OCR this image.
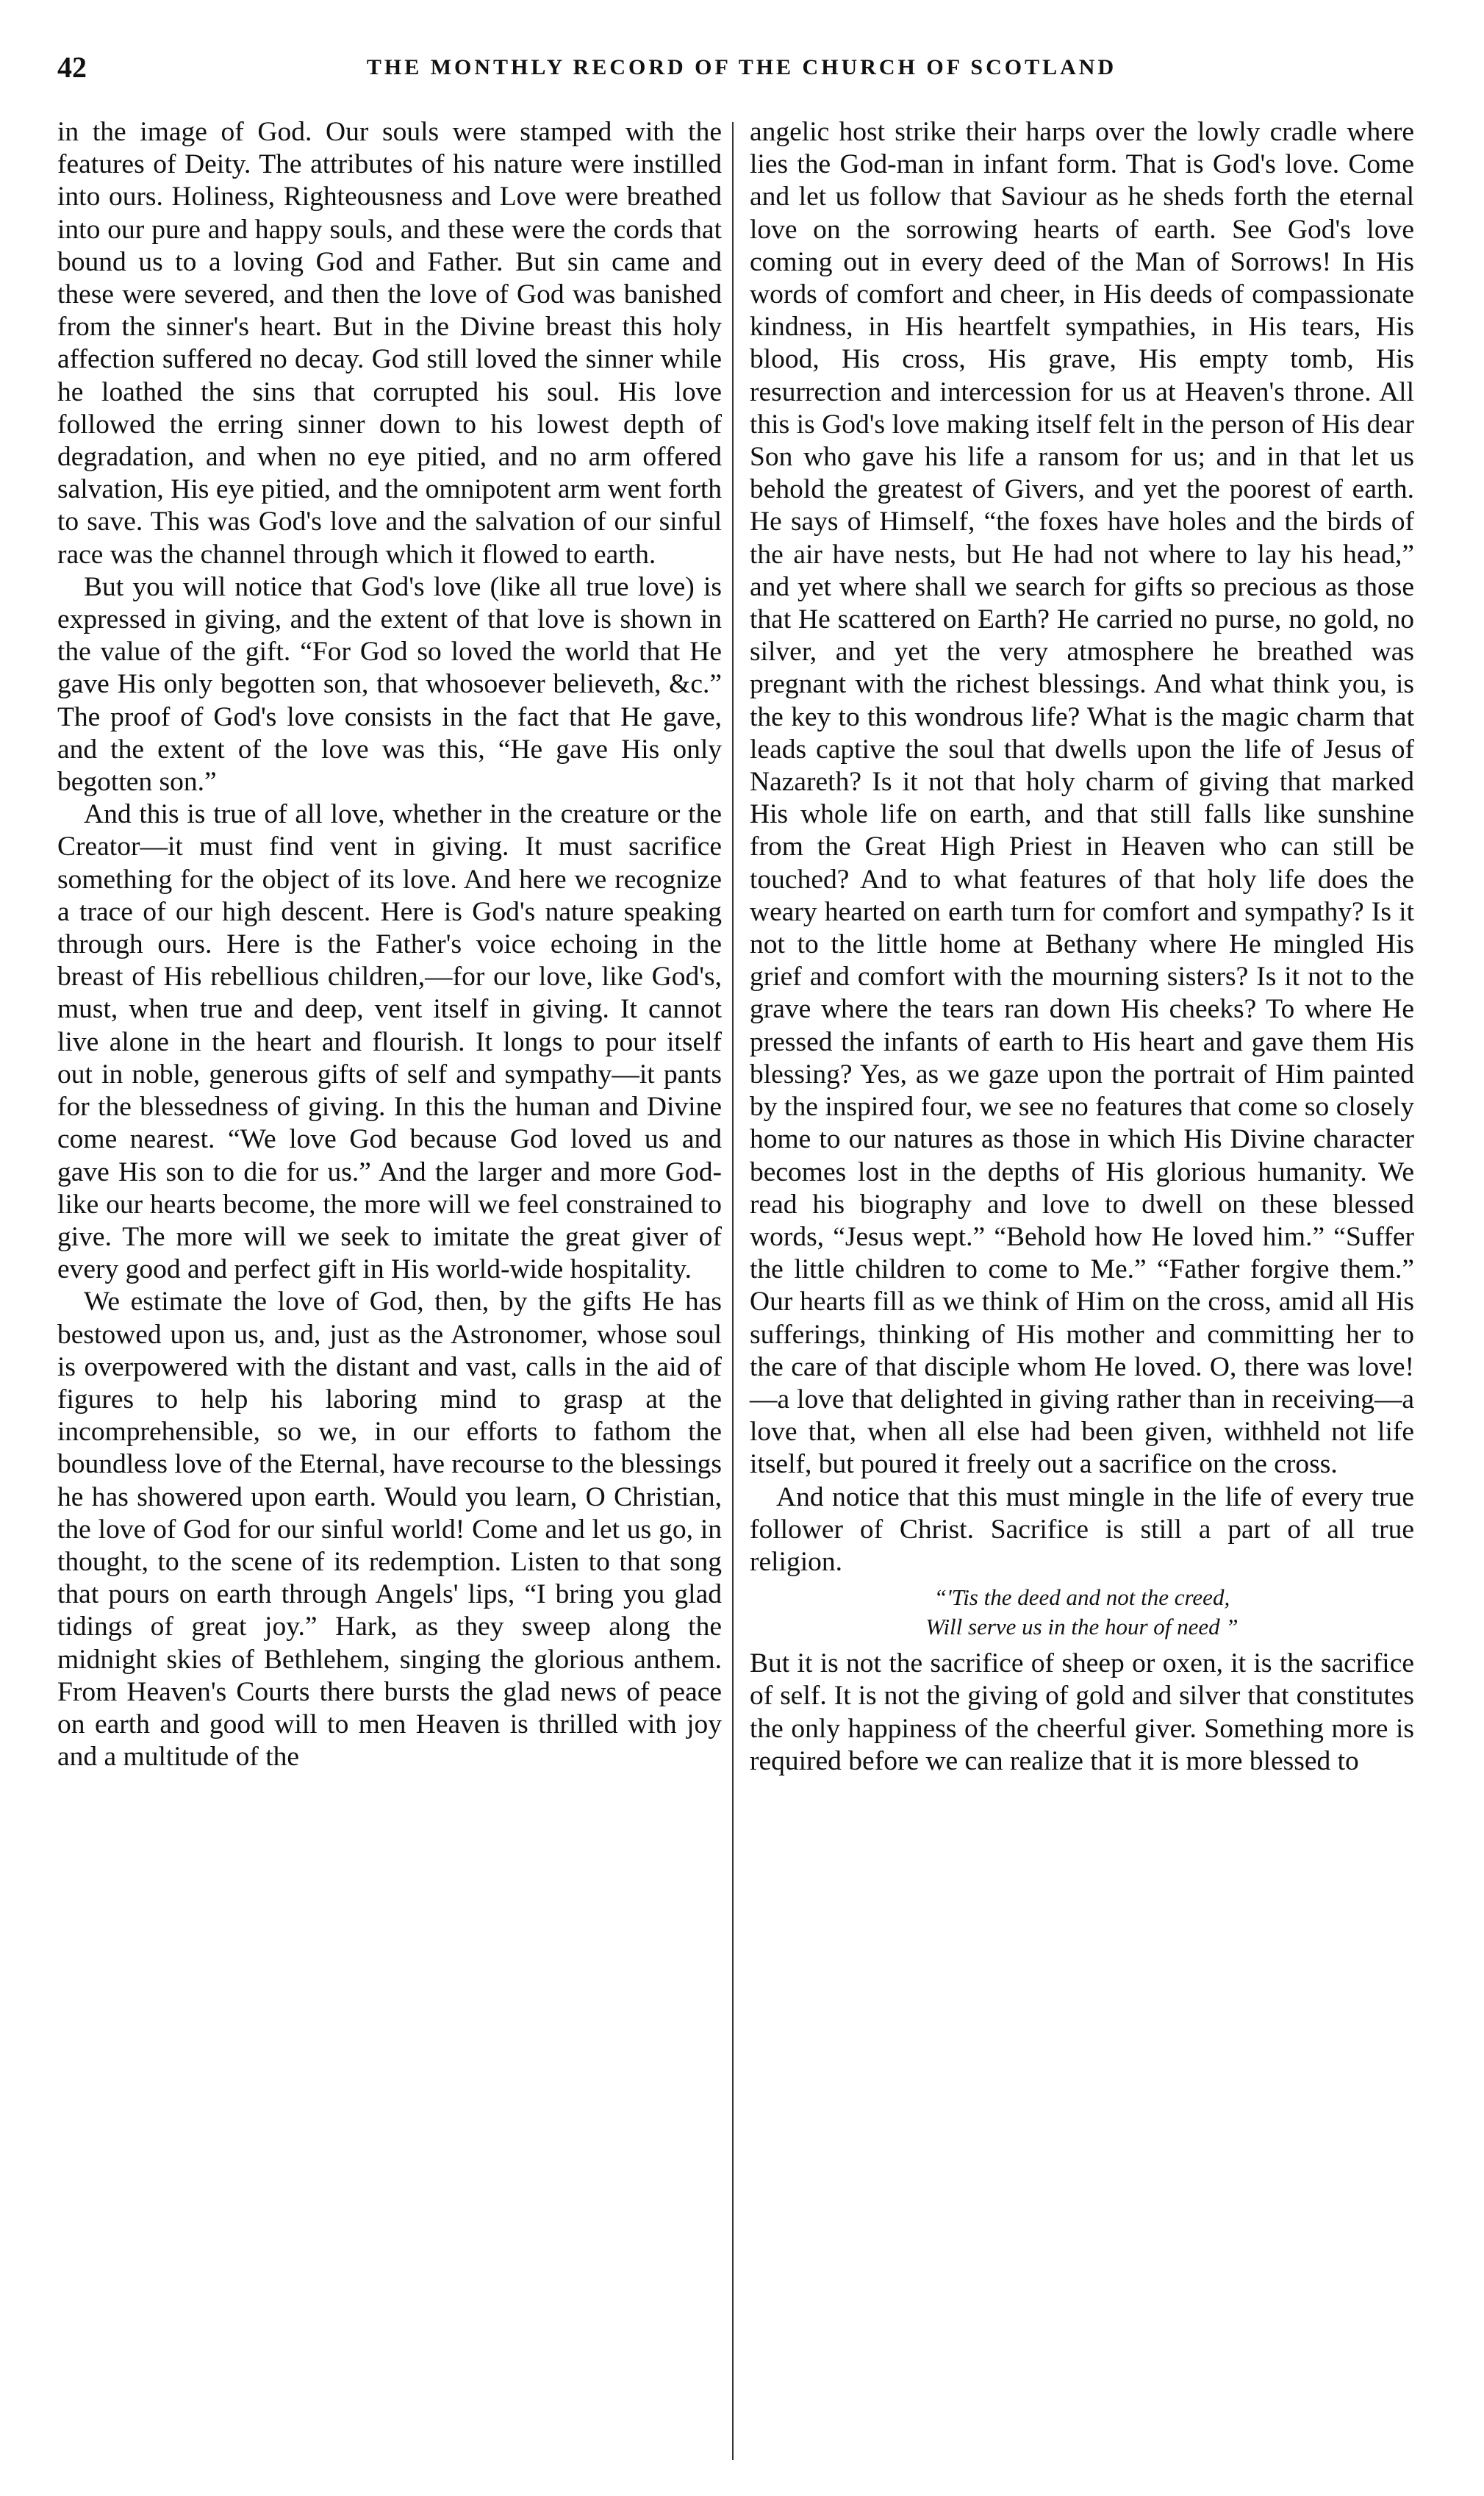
42	THE MONTHLY RECORD OF THE CHURCH OF SCOTLAND

in the image of God. Our souls were stamped with the features of Deity. The attributes of his nature were instilled into ours. Holiness, Righteousness and Love were breathed into our pure and happy souls, and these were the cords that bound us to a loving God and Father. But sin came and these were severed, and then the love of God was banished from the sinner's heart. But in the Divine breast this holy affection suffered no decay. God still loved the sinner while he loathed the sins that corrupted his soul. His love followed the erring sinner down to his lowest depth of degradation, and when no eye pitied, and no arm offered salvation, His eye pitied, and the omnipotent arm went forth to save. This was God's love and the salvation of our sinful race was the channel through which it flowed to earth.

But you will notice that God's love (like all true love) is expressed in giving, and the extent of that love is shown in the value of the gift. “For God so loved the world that He gave His only begotten son, that whosoever believeth, &c.” The proof of God's love consists in the fact that He gave, and the extent of the love was this, “He gave His only begotten son.”

And this is true of all love, whether in the creature or the Creator—it must find vent in giving. It must sacrifice something for the object of its love. And here we recognize a trace of our high descent. Here is God's nature speaking through ours. Here is the Father's voice echoing in the breast of His rebellious children,—for our love, like God's, must, when true and deep, vent itself in giving. It cannot live alone in the heart and flourish. It longs to pour itself out in noble, generous gifts of self and sympathy—it pants for the blessedness of giving. In this the human and Divine come nearest. “We love God because God loved us and gave His son to die for us.” And the larger and more God-like our hearts become, the more will we feel constrained to give. The more will we seek to imitate the great giver of every good and perfect gift in His world-wide hospitality.

We estimate the love of God, then, by the gifts He has bestowed upon us, and, just as the Astronomer, whose soul is overpowered with the distant and vast, calls in the aid of figures to help his laboring mind to grasp at the incomprehensible, so we, in our efforts to fathom the boundless love of the Eternal, have recourse to the blessings he has showered upon earth. Would you learn, O Christian, the love of God for our sinful world! Come and let us go, in thought, to the scene of its redemption. Listen to that song that pours on earth through Angels' lips, “I bring you glad tidings of great joy.” Hark, as they sweep along the midnight skies of Bethlehem, singing the glorious anthem. From Heaven's Courts there bursts the glad news of peace on earth and good will to men Heaven is thrilled with joy and a multitude of the

angelic host strike their harps over the lowly cradle where lies the God-man in infant form. That is God's love. Come and let us follow that Saviour as he sheds forth the eternal love on the sorrowing hearts of earth. See God's love coming out in every deed of the Man of Sorrows! In His words of comfort and cheer, in His deeds of compassionate kindness, in His heartfelt sympathies, in His tears, His blood, His cross, His grave, His empty tomb, His resurrection and intercession for us at Heaven's throne. All this is God's love making itself felt in the person of His dear Son who gave his life a ransom for us; and in that let us behold the greatest of Givers, and yet the poorest of earth. He says of Himself, “the foxes have holes and the birds of the air have nests, but He had not where to lay his head,” and yet where shall we search for gifts so precious as those that He scattered on Earth? He carried no purse, no gold, no silver, and yet the very atmosphere he breathed was pregnant with the richest blessings. And what think you, is the key to this wondrous life? What is the magic charm that leads captive the soul that dwells upon the life of Jesus of Nazareth? Is it not that holy charm of giving that marked His whole life on earth, and that still falls like sunshine from the Great High Priest in Heaven who can still be touched? And to what features of that holy life does the weary hearted on earth turn for comfort and sympathy? Is it not to the little home at Bethany where He mingled His grief and comfort with the mourning sisters? Is it not to the grave where the tears ran down His cheeks? To where He pressed the infants of earth to His heart and gave them His blessing? Yes, as we gaze upon the portrait of Him painted by the inspired four, we see no features that come so closely home to our natures as those in which His Divine character becomes lost in the depths of His glorious humanity. We read his biography and love to dwell on these blessed words, “Jesus wept.” “Behold how He loved him.” “Suffer the little children to come to Me.” “Father forgive them.” Our hearts fill as we think of Him on the cross, amid all His sufferings, thinking of His mother and committing her to the care of that disciple whom He loved. O, there was love!—a love that delighted in giving rather than in receiving—a love that, when all else had been given, withheld not life itself, but poured it freely out a sacrifice on the cross.

And notice that this must mingle in the life of every true follower of Christ. Sacrifice is still a part of all true religion.

“'Tis the deed and not the creed,
Will serve us in the hour of need ”

But it is not the sacrifice of sheep or oxen, it is the sacrifice of self. It is not the giving of gold and silver that constitutes the only happiness of the cheerful giver. Something more is required before we can realize that it is more blessed to
